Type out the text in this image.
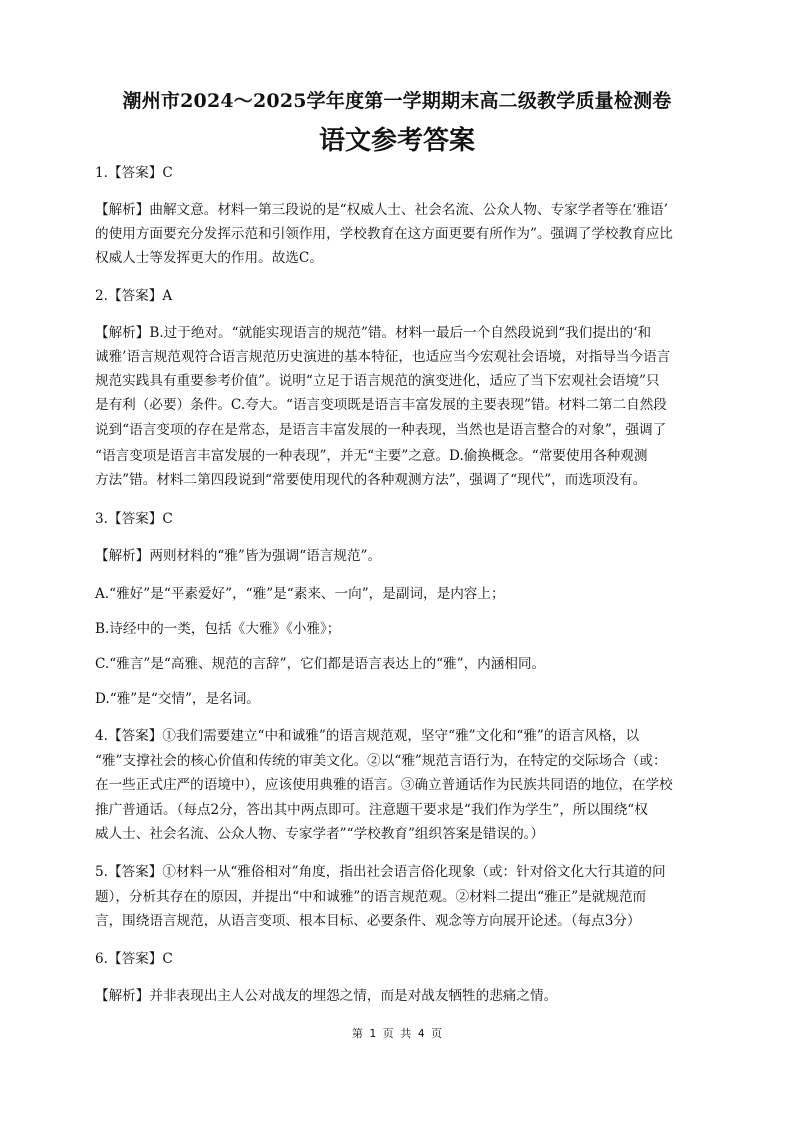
潮州市2024～2025学年度第一学期期末高二级教学质量检测卷
语文参考答案
1.【答案】C
【解析】曲解文意。材料一第三段说的是“权威人士、社会名流、公众人物、专家学者等在‘雅语’
的使用方面要充分发挥示范和引领作用，学校教育在这方面更要有所作为”。强调了学校教育应比
权威人士等发挥更大的作用。故选C。
2.【答案】A
【解析】B.过于绝对。“就能实现语言的规范”错。材料一最后一个自然段说到“我们提出的‘和
诚雅’语言规范观符合语言规范历史演进的基本特征，也适应当今宏观社会语境，对指导当今语言
规范实践具有重要参考价值”。说明“立足于语言规范的演变进化，适应了当下宏观社会语境”只
是有利（必要）条件。C.夸大。“语言变项既是语言丰富发展的主要表现”错。材料二第二自然段
说到“语言变项的存在是常态，是语言丰富发展的一种表现，当然也是语言整合的对象”，强调了
“语言变项是语言丰富发展的一种表现”，并无“主要”之意。D.偷换概念。“常要使用各种观测
方法”错。材料二第四段说到“常要使用现代的各种观测方法”，强调了“现代”，而选项没有。
3.【答案】C
【解析】两则材料的“雅”皆为强调“语言规范”。
A.“雅好”是“平素爱好”，“雅”是“素来、一向”，是副词，是内容上；
B.诗经中的一类，包括《大雅》《小雅》；
C.“雅言”是“高雅、规范的言辞”，它们都是语言表达上的“雅”，内涵相同。
D.“雅”是“交情”，是名词。
4.【答案】①我们需要建立“中和诚雅”的语言规范观，坚守“雅”文化和“雅”的语言风格，以
“雅”支撑社会的核心价值和传统的审美文化。②以“雅”规范言语行为，在特定的交际场合（或：
在一些正式庄严的语境中），应该使用典雅的语言。③确立普通话作为民族共同语的地位，在学校
推广普通话。（每点2分，答出其中两点即可。注意题干要求是“我们作为学生”，所以围绕“权
威人士、社会名流、公众人物、专家学者”“学校教育”组织答案是错误的。）
5.【答案】①材料一从“雅俗相对”角度，指出社会语言俗化现象（或：针对俗文化大行其道的问
题），分析其存在的原因，并提出“中和诚雅”的语言规范观。②材料二提出“雅正”是就规范而
言，围绕语言规范，从语言变项、根本目标、必要条件、观念等方向展开论述。（每点3分）
6.【答案】C
【解析】并非表现出主人公对战友的埋怨之情，而是对战友牺牲的悲痛之情。
第 1 页 共 4 页
